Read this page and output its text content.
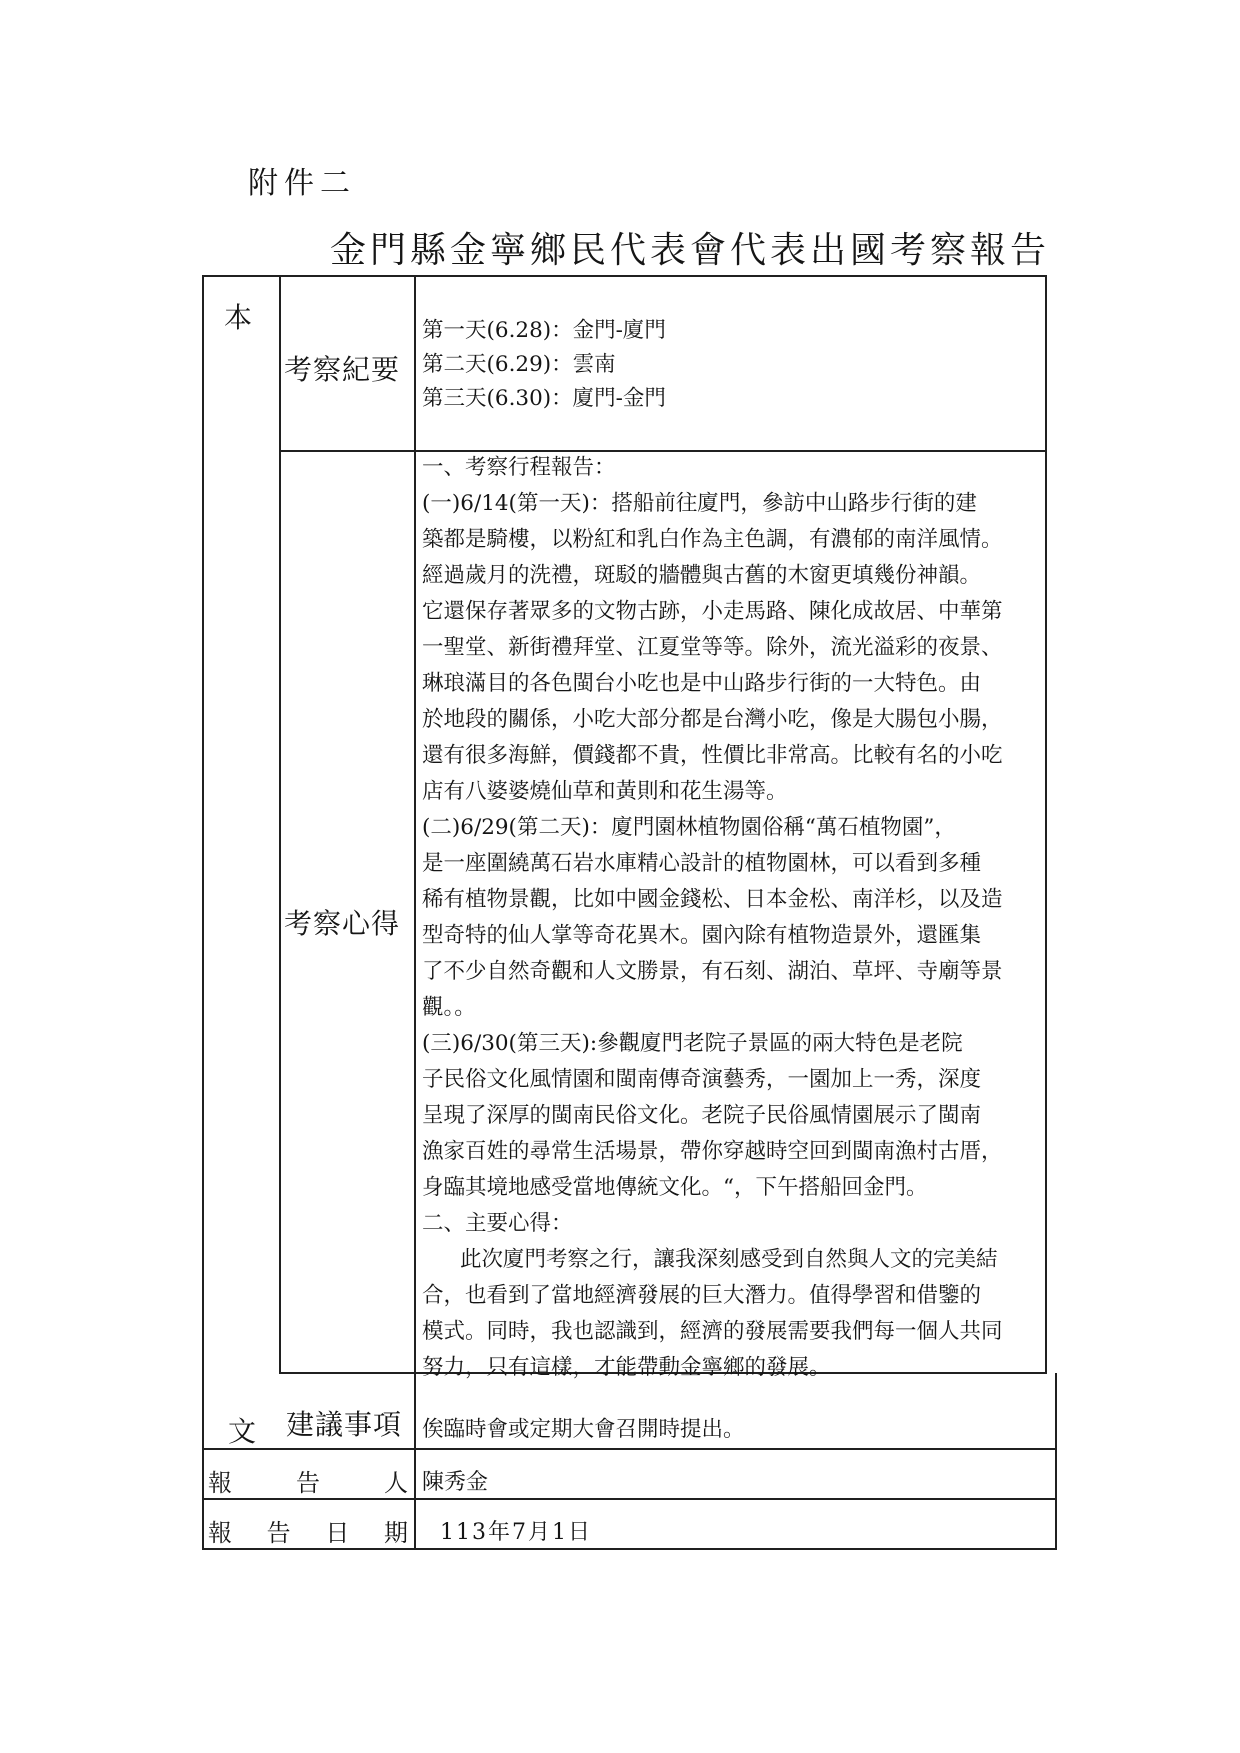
附件二
金門縣金寧鄉民代表會代表出國考察報告
本
文
考察紀要
第一天(6.28)：金門-廈門
第二天(6.29)：雲南
第三天(6.30)：廈門-金門
考察心得
一、考察行程報告：
(一)6/14(第一天)：搭船前往廈門，參訪中山路步行街的建
築都是騎樓，以粉紅和乳白作為主色調，有濃郁的南洋風情。
經過歲月的洗禮，斑駁的牆體與古舊的木窗更填幾份神韻。
它還保存著眾多的文物古跡，小走馬路、陳化成故居、中華第
一聖堂、新街禮拜堂、江夏堂等等。除外，流光溢彩的夜景、
琳琅滿目的各色閩台小吃也是中山路步行街的一大特色。由
於地段的關係，小吃大部分都是台灣小吃，像是大腸包小腸，
還有很多海鮮，價錢都不貴，性價比非常高。比較有名的小吃
店有八婆婆燒仙草和黃則和花生湯等。
(二)6/29(第二天)：廈門園林植物園俗稱“萬石植物園”，
是一座圍繞萬石岩水庫精心設計的植物園林，可以看到多種
稀有植物景觀，比如中國金錢松、日本金松、南洋杉，以及造
型奇特的仙人掌等奇花異木。園內除有植物造景外，還匯集
了不少自然奇觀和人文勝景，有石刻、湖泊、草坪、寺廟等景
觀。。
(三)6/30(第三天):參觀廈門老院子景區的兩大特色是老院
子民俗文化風情園和閩南傳奇演藝秀，一園加上一秀，深度
呈現了深厚的閩南民俗文化。老院子民俗風情園展示了閩南
漁家百姓的尋常生活場景，帶你穿越時空回到閩南漁村古厝，
身臨其境地感受當地傳統文化。“，下午搭船回金門。
二、主要心得：
此次廈門考察之行，讓我深刻感受到自然與人文的完美結
合，也看到了當地經濟發展的巨大潛力。值得學習和借鑒的
模式。同時，我也認識到，經濟的發展需要我們每一個人共同
努力，只有這樣，才能帶動金寧鄉的發展。
建議事項 俟臨時會或定期大會召開時提出。
報	告	人 陳秀金
報 告 日 期 113年7月1日
